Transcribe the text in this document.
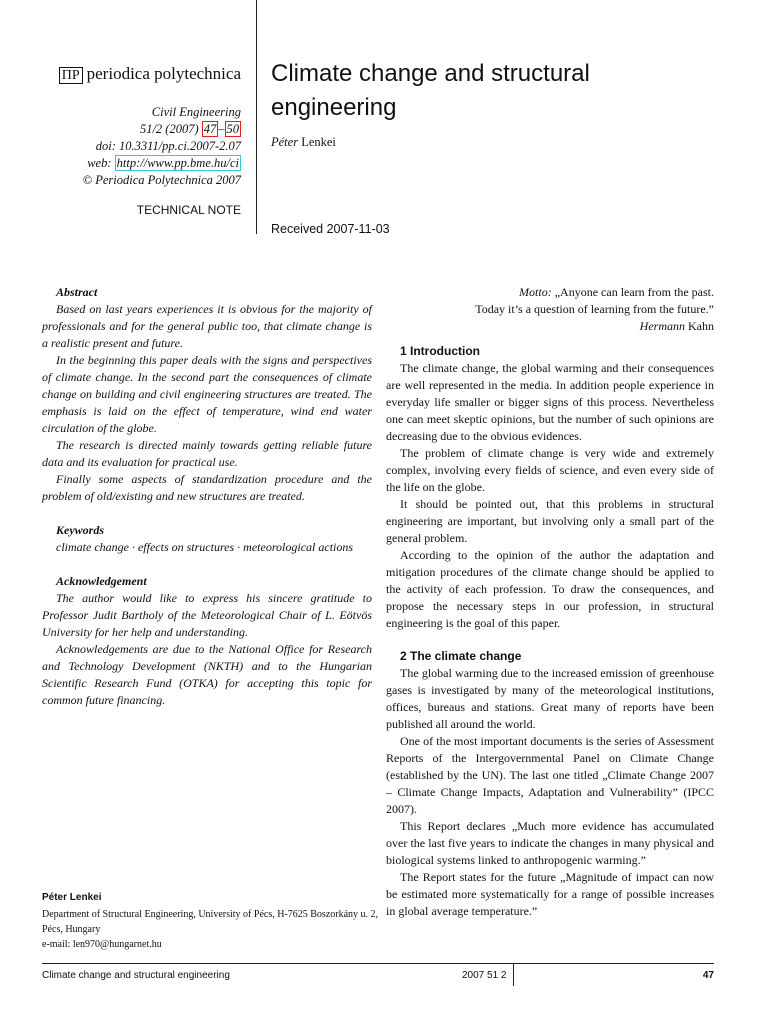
ΠP periodica polytechnica
Civil Engineering
51/2 (2007) 47 – 50
doi: 10.3311/pp.ci.2007-2.07
web: http://www.pp.bme.hu/ci
© Periodica Polytechnica 2007
TECHNICAL NOTE
Climate change and structural engineering
Péter Lenkei
Received 2007-11-03

Abstract

Based on last years experiences it is obvious for the majority of professionals and for the general public too, that climate change is a realistic present and future.

In the beginning this paper deals with the signs and perspectives of climate change. In the second part the consequences of climate change on building and civil engineering structures are treated. The emphasis is laid on the effect of temperature, wind end water circulation of the globe.

The research is directed mainly towards getting reliable future data and its evaluation for practical use.

Finally some aspects of standardization procedure and the problem of old/existing and new structures are treated.

Keywords

climate change · effects on structures · meteorological actions

Acknowledgement

The author would like to express his sincere gratitude to Professor Judit Bartholy of the Meteorological Chair of L. Eötvös University for her help and understanding.

Acknowledgements are due to the National Office for Research and Technology Development (NKTH) and to the Hungarian Scientific Research Fund (OTKA) for accepting this topic for common future financing.

Péter Lenkei
Department of Structural Engineering, University of Pécs, H-7625 Boszorkány u. 2, Pécs, Hungary
e-mail: len970@hungarnet.hu
Motto: „Anyone can learn from the past.
Today it’s a question of learning from the future.”
Hermann Kahn
1 Introduction

The climate change, the global warming and their consequences are well represented in the media. In addition people experience in everyday life smaller or bigger signs of this process. Nevertheless one can meet skeptic opinions, but the number of such opinions are decreasing due to the obvious evidences.

The problem of climate change is very wide and extremely complex, involving every fields of science, and even every side of the life on the globe.

It should be pointed out, that this problems in structural engineering are important, but involving only a small part of the general problem.

According to the opinion of the author the adaptation and mitigation procedures of the climate change should be applied to the activity of each profession. To draw the consequences, and propose the necessary steps in our profession, in structural engineering is the goal of this paper.

2 The climate change

The global warming due to the increased emission of greenhouse gases is investigated by many of the meteorological institutions, offices, bureaus and stations. Great many of reports have been published all around the world.

One of the most important documents is the series of Assessment Reports of the Intergovernmental Panel on Climate Change (established by the UN). The last one titled „Climate Change 2007 – Climate Change Impacts, Adaptation and Vulnerability” (IPCC 2007).

This Report declares „Much more evidence has accumulated over the last five years to indicate the changes in many physical and biological systems linked to anthropogenic warming.”

The Report states for the future „Magnitude of impact can now be estimated more systematically for a range of possible increases in global average temperature.”

Climate change and structural engineering	2007 51 2	47
